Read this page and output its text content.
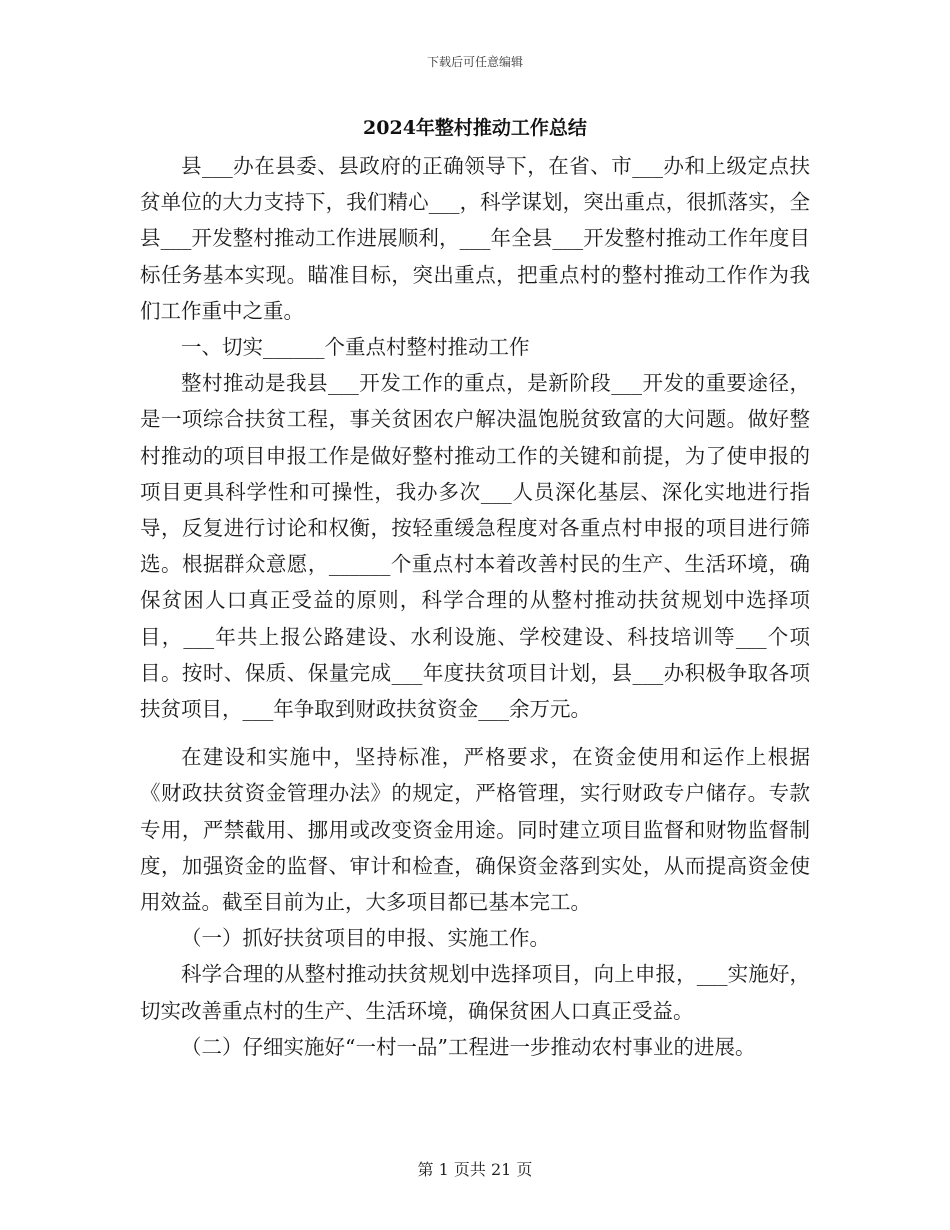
下载后可任意编辑
2024年整村推动工作总结

县___办在县委、县政府的正确领导下，在省、市___办和上级定点扶贫单位的大力支持下，我们精心___，科学谋划，突出重点，很抓落实，全县___开发整村推动工作进展顺利，___年全县___开发整村推动工作年度目标任务基本实现。瞄准目标，突出重点，把重点村的整村推动工作作为我们工作重中之重。

一、切实______个重点村整村推动工作

整村推动是我县___开发工作的重点，是新阶段___开发的重要途径，是一项综合扶贫工程，事关贫困农户解决温饱脱贫致富的大问题。做好整村推动的项目申报工作是做好整村推动工作的关键和前提，为了使申报的项目更具科学性和可操性，我办多次___人员深化基层、深化实地进行指导，反复进行讨论和权衡，按轻重缓急程度对各重点村申报的项目进行筛选。根据群众意愿，______个重点村本着改善村民的生产、生活环境，确保贫困人口真正受益的原则，科学合理的从整村推动扶贫规划中选择项目，___年共上报公路建设、水利设施、学校建设、科技培训等___个项目。按时、保质、保量完成___年度扶贫项目计划，县___办积极争取各项扶贫项目，___年争取到财政扶贫资金___余万元。

在建设和实施中，坚持标准，严格要求，在资金使用和运作上根据《财政扶贫资金管理办法》的规定，严格管理，实行财政专户储存。专款专用，严禁截用、挪用或改变资金用途。同时建立项目监督和财物监督制度，加强资金的监督、审计和检查，确保资金落到实处，从而提高资金使用效益。截至目前为止，大多项目都已基本完工。

（一）抓好扶贫项目的申报、实施工作。

科学合理的从整村推动扶贫规划中选择项目，向上申报，___实施好，切实改善重点村的生产、生活环境，确保贫困人口真正受益。

（二）仔细实施好“一村一品”工程进一步推动农村事业的进展。

第 1 页共 21 页
